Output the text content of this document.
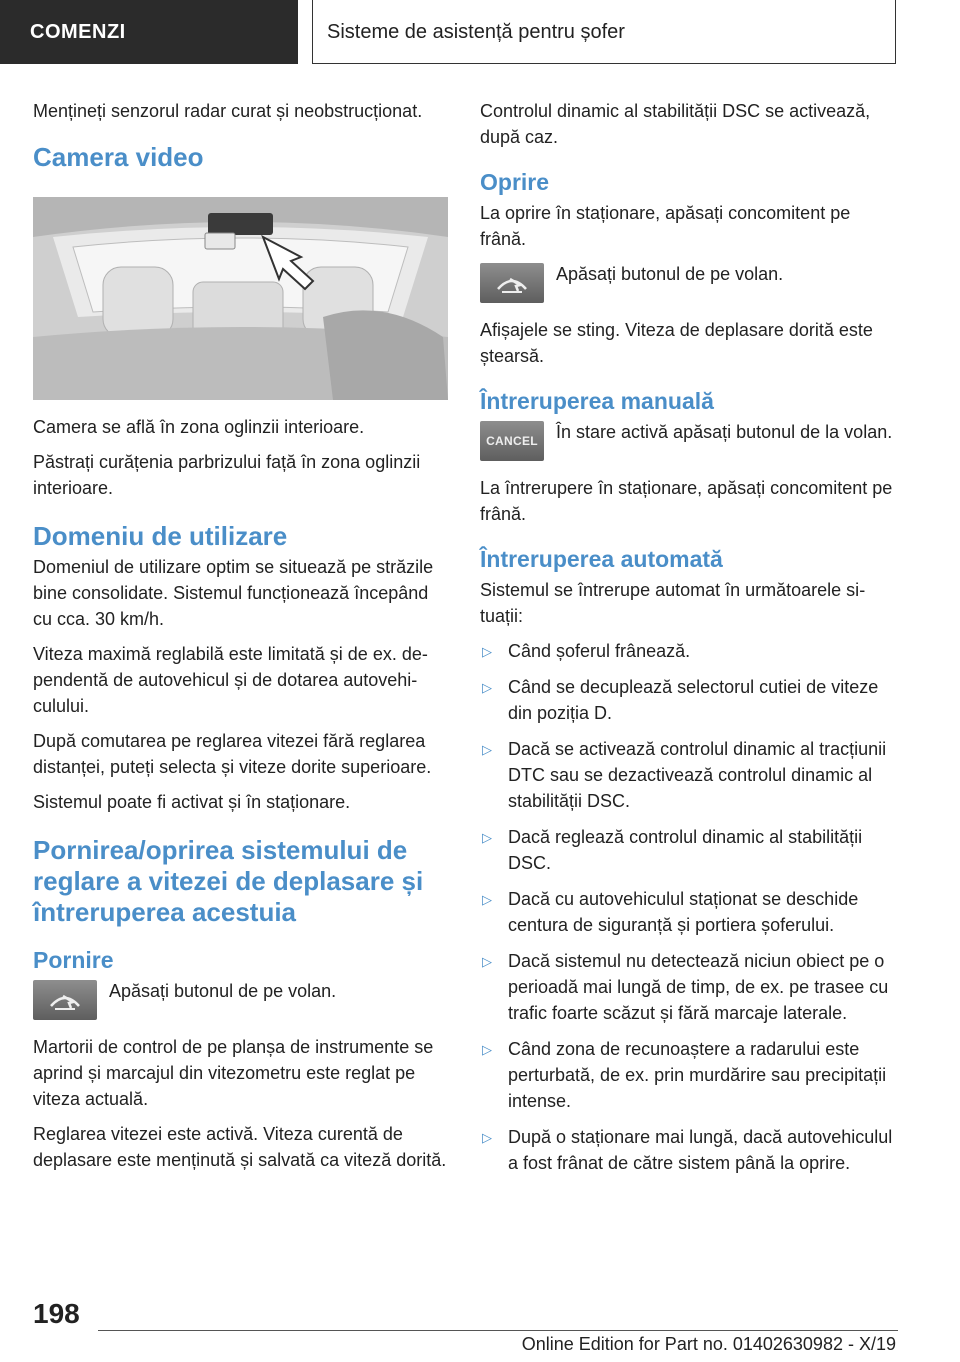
COMENZI	Sisteme de asistență pentru șofer

Mențineți senzorul radar curat și neobstrucționat.

Camera video

Camera se află în zona oglinzii interioare.

Păstrați curățenia parbrizului față în zona oglinzii interioare.

Domeniu de utilizare

Domeniul de utilizare optim se situează pe străzile bine consolidate. Sistemul funcționează începând cu cca. 30 km/h.

Viteza maximă reglabilă este limitată și de ex. dependentă de autovehicul și de dotarea autovehiculului.

După comutarea pe reglarea vitezei fără reglarea distanței, puteți selecta și viteze dorite superioare.

Sistemul poate fi activat și în staționare.

Pornirea/oprirea sistemului de reglare a vitezei de deplasare și întreruperea acestuia
Pornire

Apăsați butonul de pe volan.

Martorii de control de pe planșa de instrumente se aprind și marcajul din vitezometru este reglat pe viteza actuală.

Reglarea vitezei este activă. Viteza curentă de deplasare este menținută și salvată ca viteză dorită.

Controlul dinamic al stabilității DSC se activează, după caz.

Oprire

La oprire în staționare, apăsați concomitent pe frână.

Apăsați butonul de pe volan.

Afișajele se sting. Viteza de deplasare dorită este ștearsă.

Întreruperea manuală
CANCEL	În stare activă apăsați butonul de la volan.

La întrerupere în staționare, apăsați concomitent pe frână.

Întreruperea automată

Sistemul se întrerupe automat în următoarele situații:

▷ Când șoferul frânează.
▷ Când se decuplează selectorul cutiei de viteze din poziția D.
▷ Dacă se activează controlul dinamic al tracțiunii DTC sau se dezactivează controlul dinamic al stabilității DSC.
▷ Dacă reglează controlul dinamic al stabilității DSC.
▷ Dacă cu autovehiculul staționat se deschide centura de siguranță și portiera șoferului.
▷ Dacă sistemul nu detectează niciun obiect pe o perioadă mai lungă de timp, de ex. pe trasee cu trafic foarte scăzut și fără marcaje laterale.
▷ Când zona de recunoaștere a radarului este perturbată, de ex. prin murdărire sau precipitații intense.
▷ După o staționare mai lungă, dacă autovehiculul a fost frânat de către sistem până la oprire.
198
Online Edition for Part no. 01402630982 - X/19
